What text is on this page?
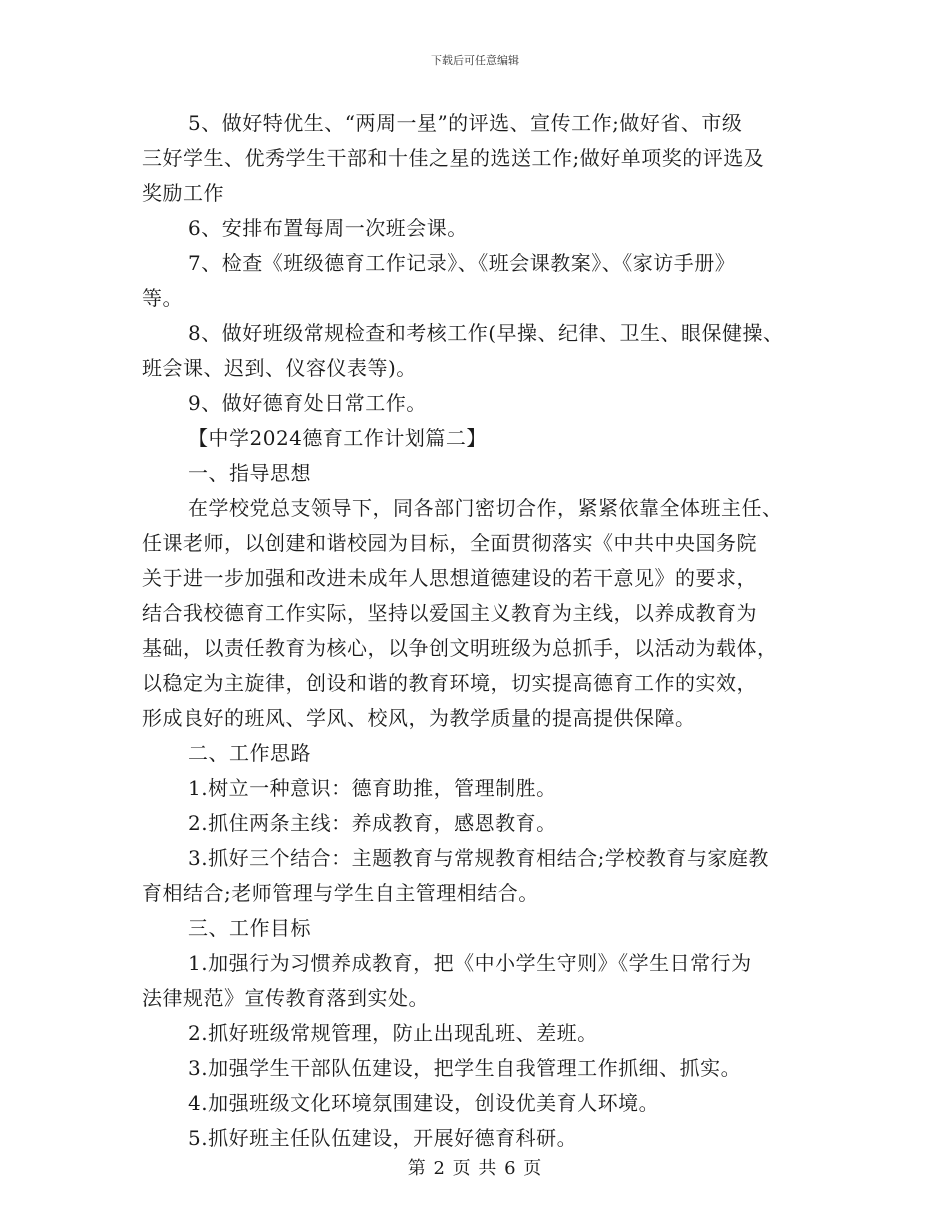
下载后可任意编辑
5、做好特优生、“两周一星”的评选、宣传工作;做好省、市级
三好学生、优秀学生干部和十佳之星的选送工作;做好单项奖的评选及
奖励工作
6、安排布置每周一次班会课。
7、检查《班级德育工作记录》、《班会课教案》、《家访手册》
等。
8、做好班级常规检查和考核工作(早操、纪律、卫生、眼保健操、
班会课、迟到、仪容仪表等)。
9、做好德育处日常工作。
【中学2024德育工作计划篇二】
一、指导思想
在学校党总支领导下，同各部门密切合作，紧紧依靠全体班主任、
任课老师，以创建和谐校园为目标，全面贯彻落实《中共中央国务院
关于进一步加强和改进未成年人思想道德建设的若干意见》的要求，
结合我校德育工作实际，坚持以爱国主义教育为主线，以养成教育为
基础，以责任教育为核心，以争创文明班级为总抓手，以活动为载体，
以稳定为主旋律，创设和谐的教育环境，切实提高德育工作的实效，
形成良好的班风、学风、校风，为教学质量的提高提供保障。
二、工作思路
1.树立一种意识：德育助推，管理制胜。
2.抓住两条主线：养成教育，感恩教育。
3.抓好三个结合：主题教育与常规教育相结合;学校教育与家庭教
育相结合;老师管理与学生自主管理相结合。
三、工作目标
1.加强行为习惯养成教育，把《中小学生守则》《学生日常行为
法律规范》宣传教育落到实处。
2.抓好班级常规管理，防止出现乱班、差班。
3.加强学生干部队伍建设，把学生自我管理工作抓细、抓实。
4.加强班级文化环境氛围建设，创设优美育人环境。
5.抓好班主任队伍建设，开展好德育科研。
第 2 页 共 6 页
